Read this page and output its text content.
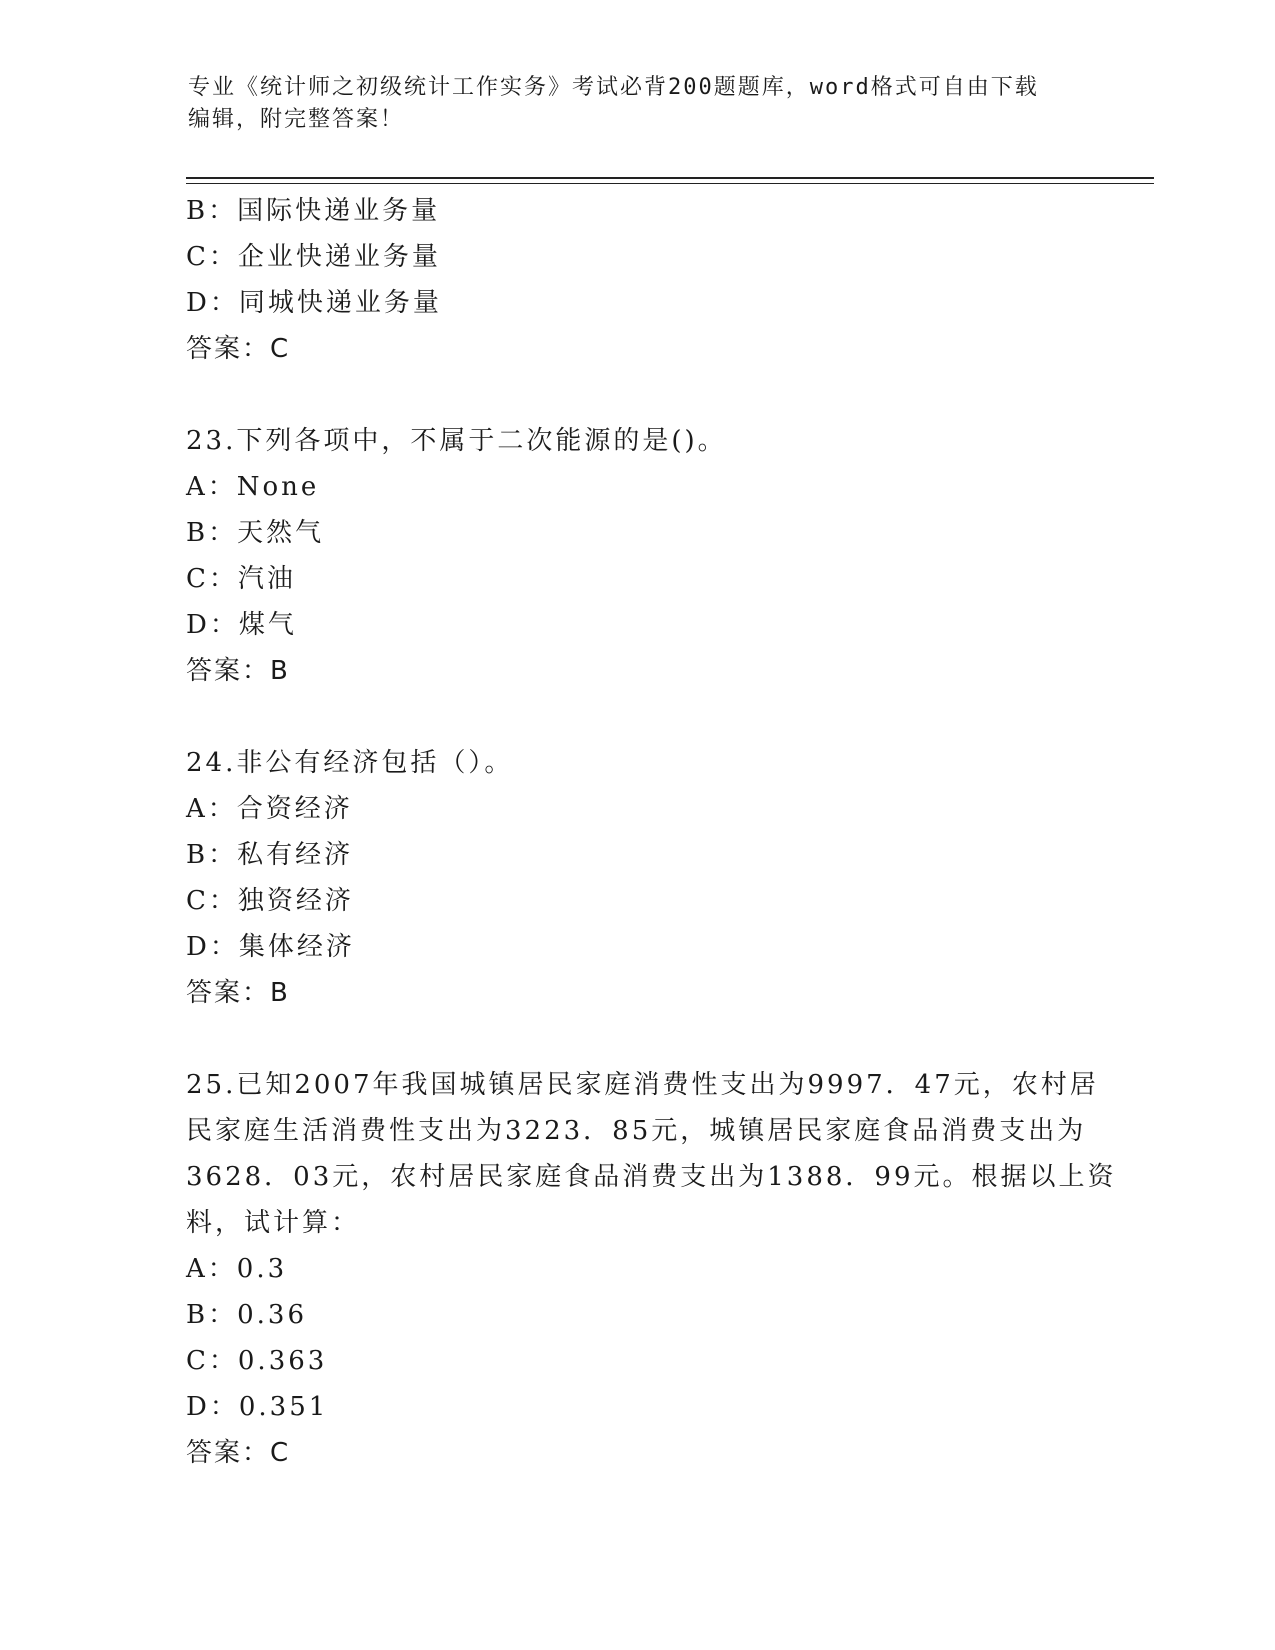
专业《统计师之初级统计工作实务》考试必背200题题库，word格式可自由下载
编辑，附完整答案！
B：国际快递业务量
C：企业快递业务量
D：同城快递业务量
答案：C
23.下列各项中，不属于二次能源的是()。
A：None
B：天然气
C：汽油
D：煤气
答案：B
24.非公有经济包括（）。
A：合资经济
B：私有经济
C：独资经济
D：集体经济
答案：B
25.已知2007年我国城镇居民家庭消费性支出为9997．47元，农村居
民家庭生活消费性支出为3223．85元，城镇居民家庭食品消费支出为
3628．03元，农村居民家庭食品消费支出为1388．99元。根据以上资
料，试计算：
A：0.3
B：0.36
C：0.363
D：0.351
答案：C
